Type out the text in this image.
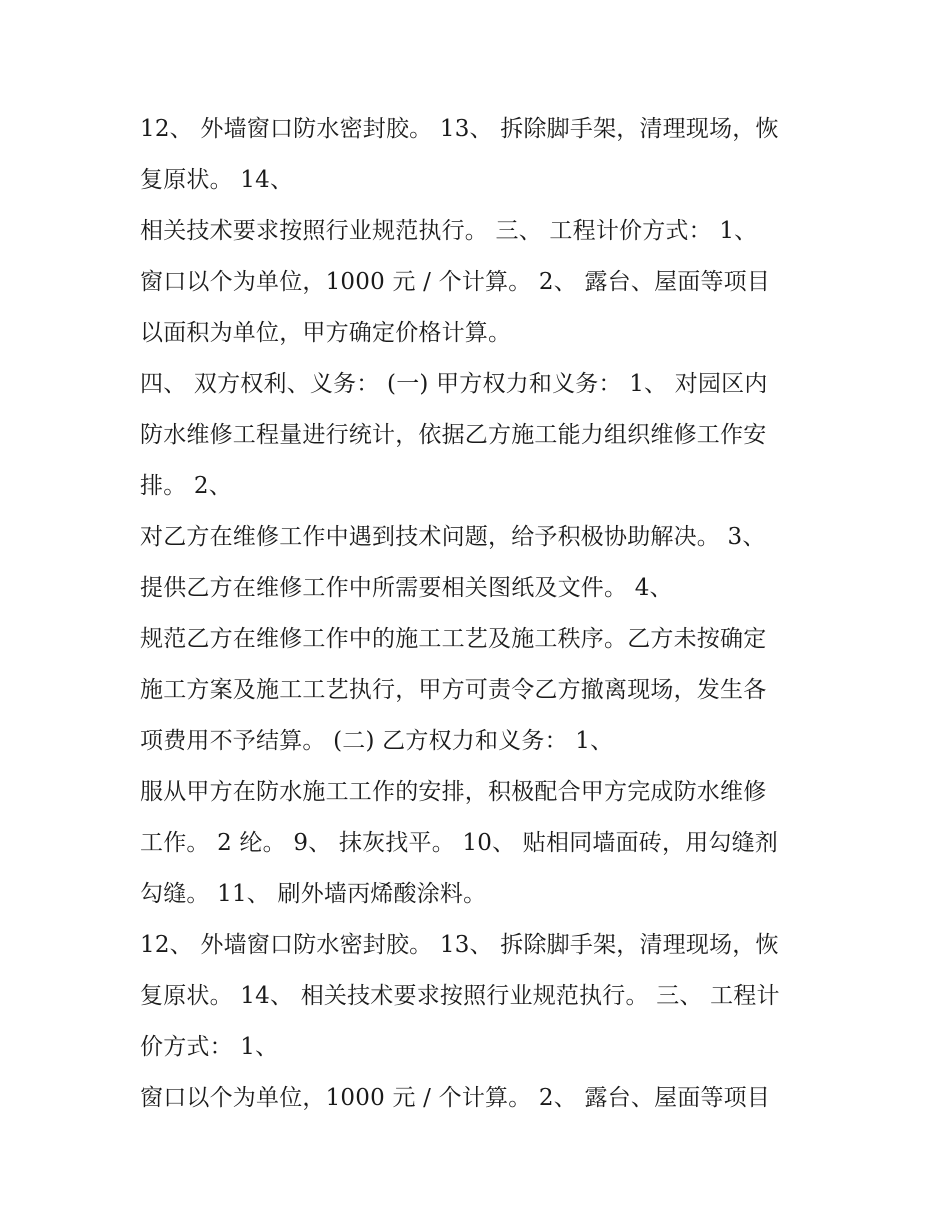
12、 外墙窗口防水密封胶。 13、 拆除脚手架，清理现场，恢
复原状。 14、
相关技术要求按照行业规范执行。 三、 工程计价方式： 1、
窗口以个为单位，1000 元 / 个计算。 2、 露台、屋面等项目
以面积为单位，甲方确定价格计算。
四、 双方权利、义务： (一) 甲方权力和义务： 1、 对园区内
防水维修工程量进行统计，依据乙方施工能力组织维修工作安
排。 2、
对乙方在维修工作中遇到技术问题，给予积极协助解决。 3、
提供乙方在维修工作中所需要相关图纸及文件。 4、
规范乙方在维修工作中的施工工艺及施工秩序。乙方未按确定
施工方案及施工工艺执行，甲方可责令乙方撤离现场，发生各
项费用不予结算。 (二) 乙方权力和义务： 1、
服从甲方在防水施工工作的安排，积极配合甲方完成防水维修
工作。 2 纶。 9、 抹灰找平。 10、 贴相同墙面砖，用勾缝剂
勾缝。 11、 刷外墙丙烯酸涂料。
12、 外墙窗口防水密封胶。 13、 拆除脚手架，清理现场，恢
复原状。 14、 相关技术要求按照行业规范执行。 三、 工程计
价方式： 1、
窗口以个为单位，1000 元 / 个计算。 2、 露台、屋面等项目
